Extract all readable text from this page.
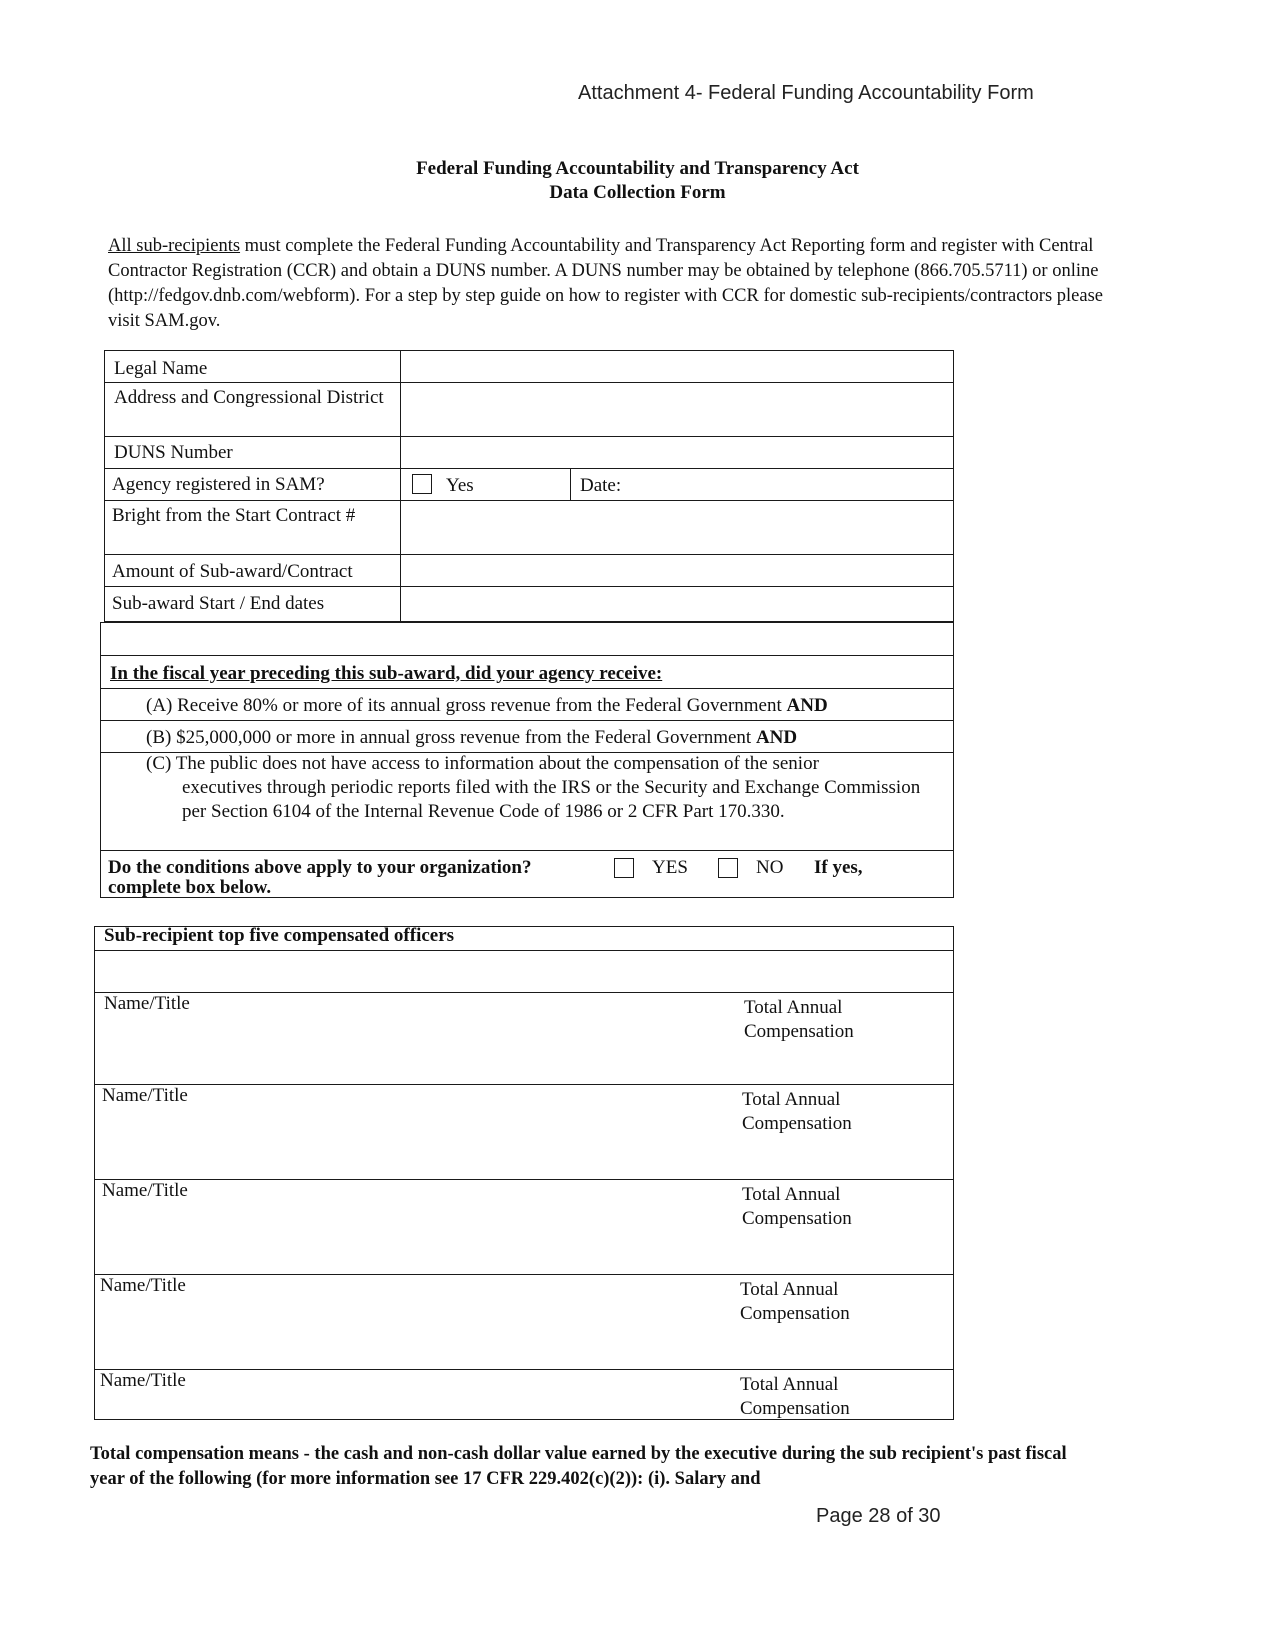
Attachment 4- Federal Funding Accountability Form
Federal Funding Accountability and Transparency Act
Data Collection Form
All sub-recipients must complete the Federal Funding Accountability and Transparency Act Reporting form and register with Central Contractor Registration (CCR) and obtain a DUNS number. A DUNS number may be obtained by telephone (866.705.5711) or online (http://fedgov.dnb.com/webform). For a step by step guide on how to register with CCR for domestic sub-recipients/contractors please visit SAM.gov.
Legal Name
Address and Congressional District
DUNS Number
Agency registered in SAM?	Yes	Date:
Bright from the Start Contract #
Amount of Sub-award/Contract
Sub-award Start / End dates
In the fiscal year preceding this sub-award, did your agency receive:
(A) Receive 80% or more of its annual gross revenue from the Federal Government AND
(B) $25,000,000 or more in annual gross revenue from the Federal Government AND
(C) The public does not have access to information about the compensation of the senior
executives through periodic reports filed with the IRS or the Security and Exchange Commission per Section 6104 of the Internal Revenue Code of 1986 or 2 CFR Part 170.330.
Do the conditions above apply to your organization?	YES	NO If yes,
complete box below.
Sub-recipient top five compensated officers
Name/Title	Total Annual
Compensation
Name/Title	Total Annual
Compensation
Name/Title	Total Annual
Compensation
Name/Title	Total Annual
Compensation
Name/Title	Total Annual
Compensation
Total compensation means - the cash and non-cash dollar value earned by the executive during the sub recipient's past fiscal year of the following (for more information see 17 CFR 229.402(c)(2)): (i). Salary and
Page 28 of 30
